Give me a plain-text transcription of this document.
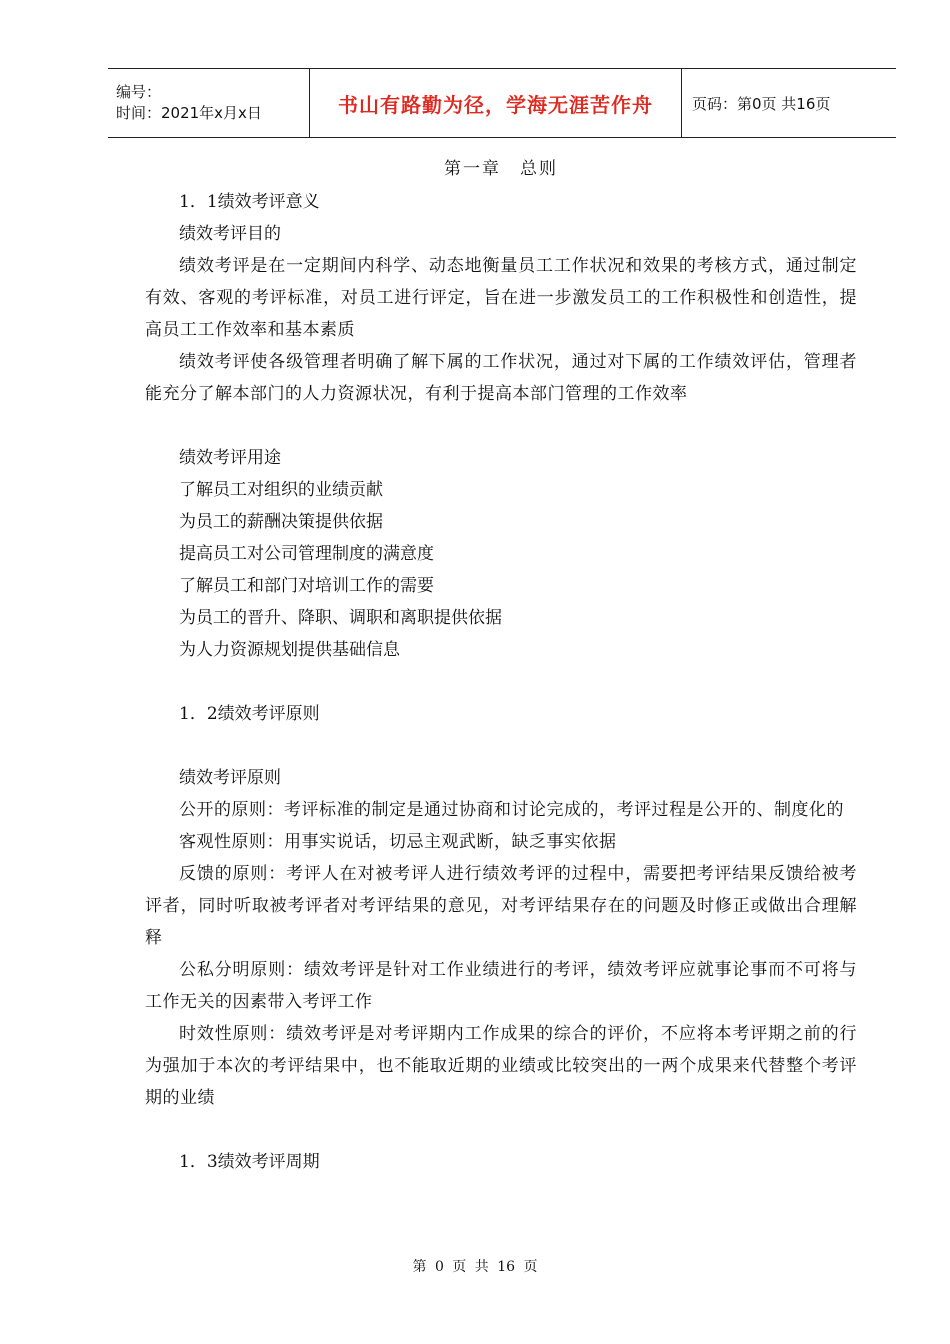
编号：
时间：2021年x月x日	书山有路勤为径，学海无涯苦作舟	页码：第0页 共16页
第一章　总则
1．1绩效考评意义
绩效考评目的
绩效考评是在一定期间内科学、动态地衡量员工工作状况和效果的考核方式，通过制定有效、客观的考评标准，对员工进行评定，旨在进一步激发员工的工作积极性和创造性，提高员工工作效率和基本素质
绩效考评使各级管理者明确了解下属的工作状况，通过对下属的工作绩效评估，管理者能充分了解本部门的人力资源状况，有利于提高本部门管理的工作效率
绩效考评用途
了解员工对组织的业绩贡献
为员工的薪酬决策提供依据
提高员工对公司管理制度的满意度
了解员工和部门对培训工作的需要
为员工的晋升、降职、调职和离职提供依据
为人力资源规划提供基础信息
1．2绩效考评原则
绩效考评原则
公开的原则：考评标准的制定是通过协商和讨论完成的，考评过程是公开的、制度化的
客观性原则：用事实说话，切忌主观武断，缺乏事实依据
反馈的原则：考评人在对被考评人进行绩效考评的过程中，需要把考评结果反馈给被考评者，同时听取被考评者对考评结果的意见，对考评结果存在的问题及时修正或做出合理解释
公私分明原则：绩效考评是针对工作业绩进行的考评，绩效考评应就事论事而不可将与工作无关的因素带入考评工作
时效性原则：绩效考评是对考评期内工作成果的综合的评价，不应将本考评期之前的行为强加于本次的考评结果中，也不能取近期的业绩或比较突出的一两个成果来代替整个考评期的业绩
1．3绩效考评周期
第 0 页 共 16 页
